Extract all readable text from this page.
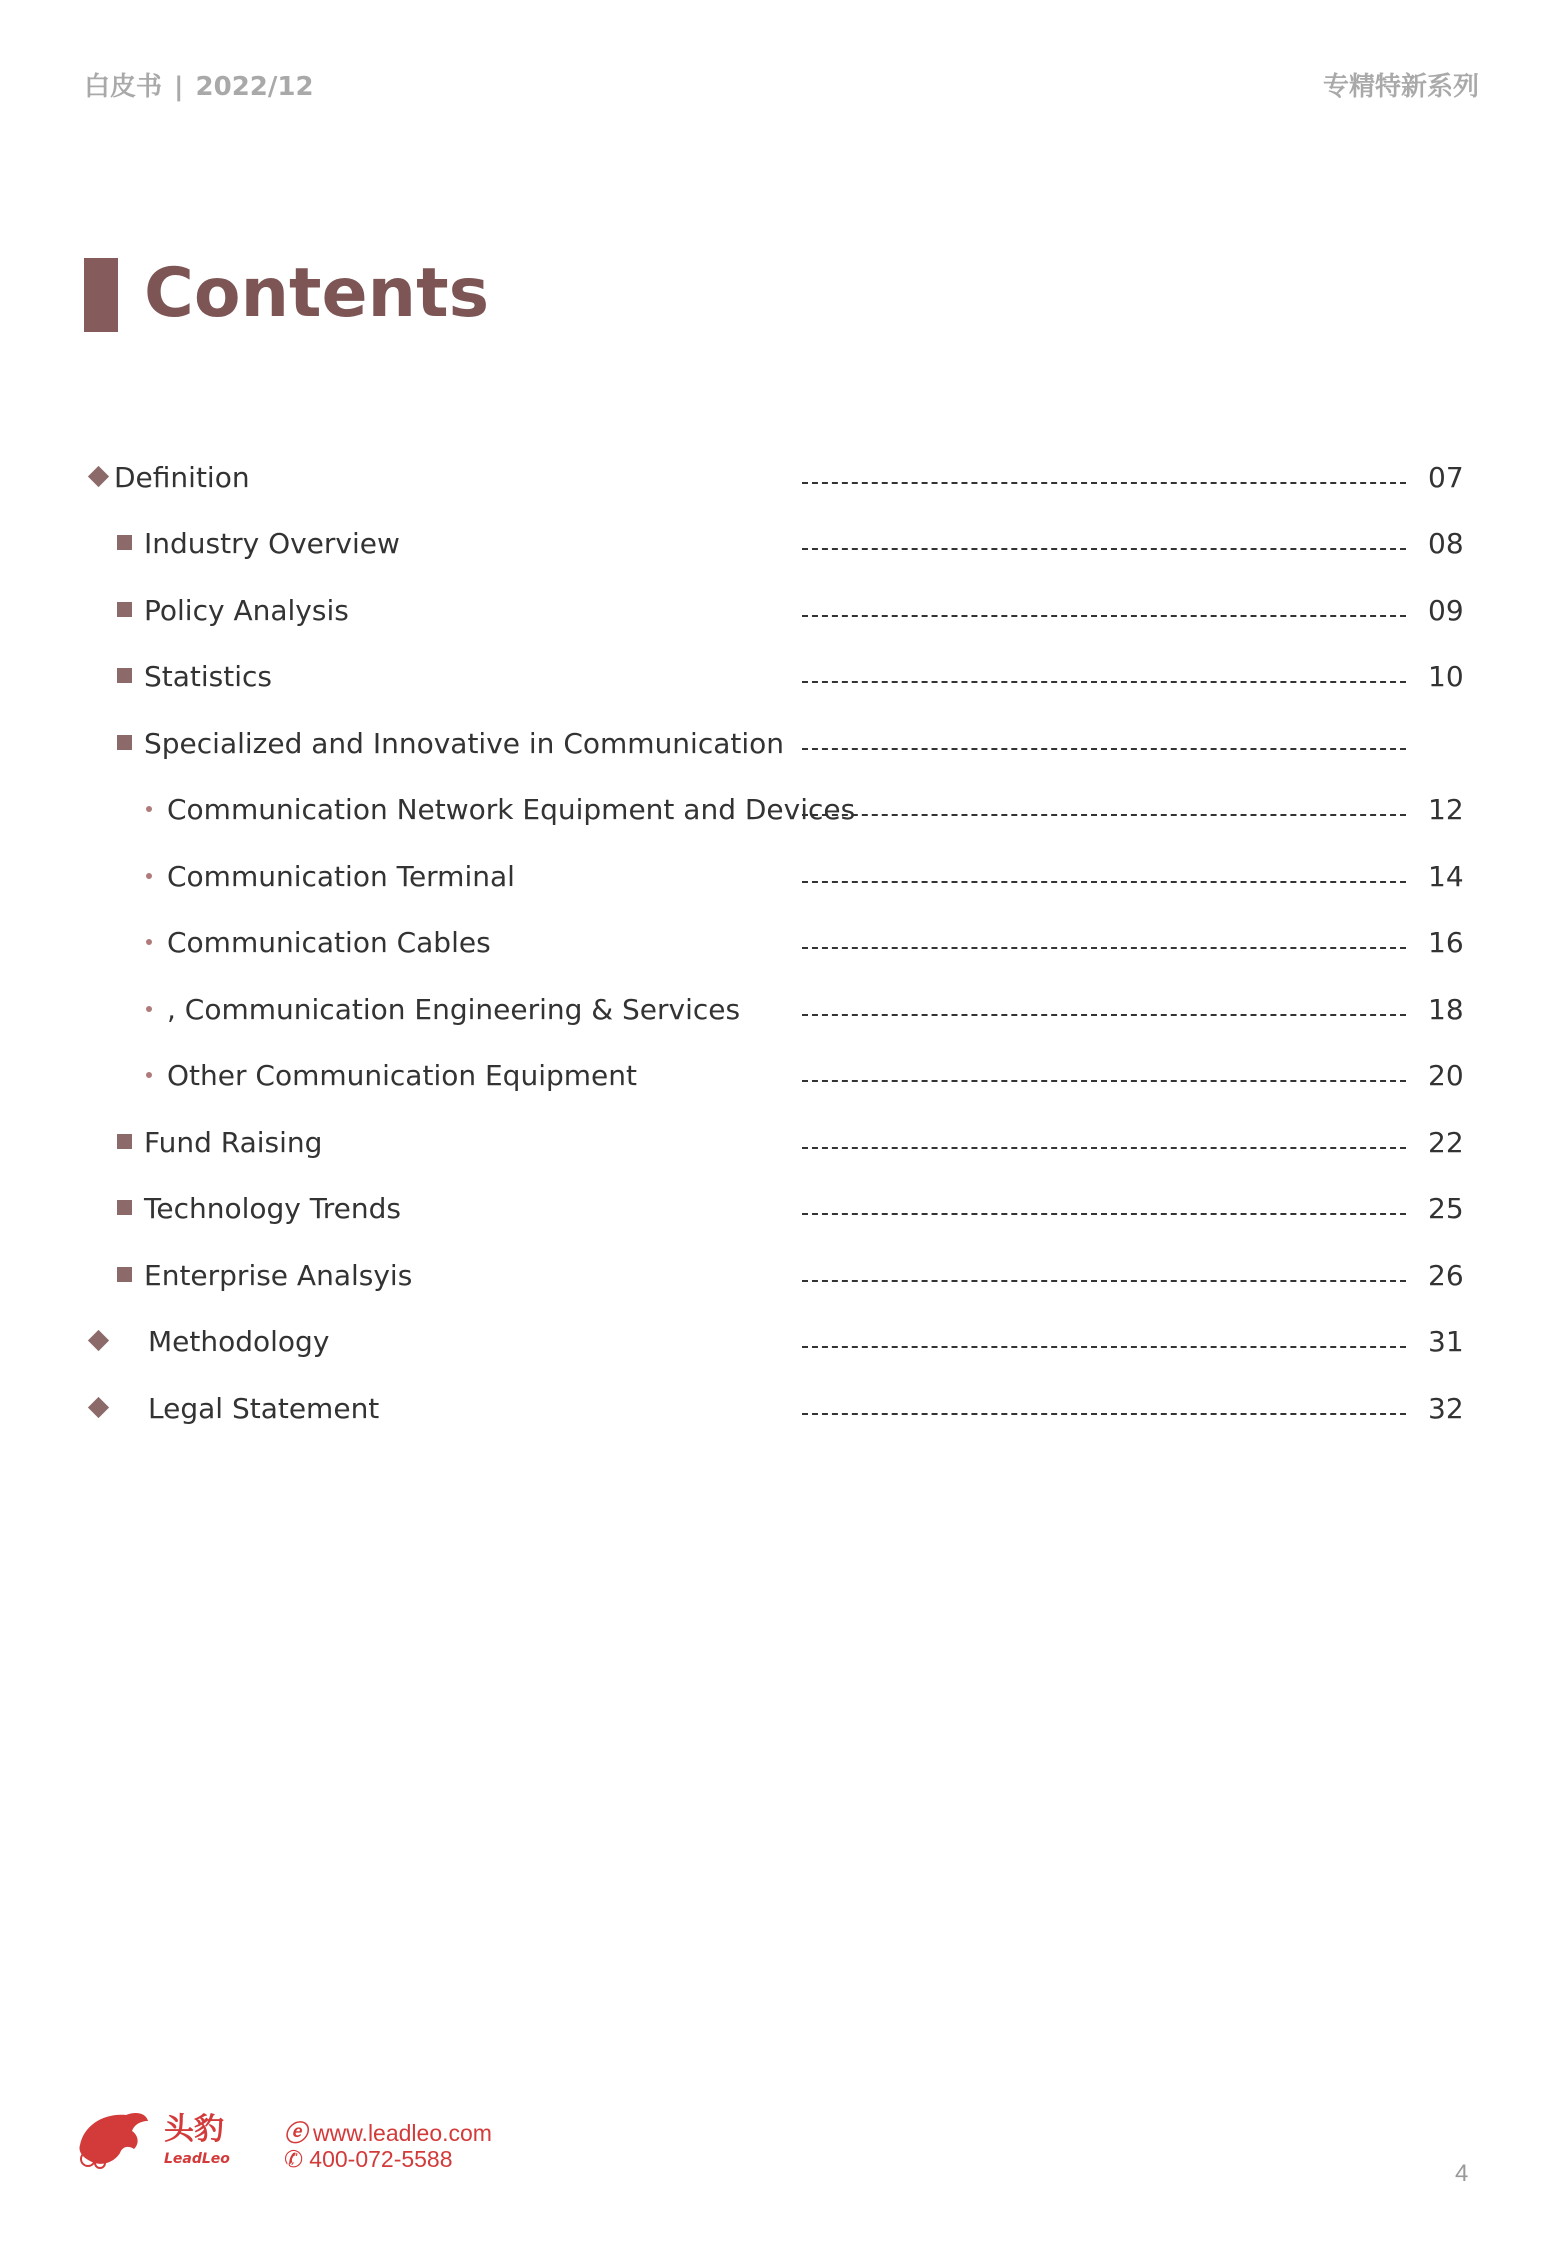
白皮书 | 2022/12	专精特新系列
Contents
Definition	07
Industry Overview	08
Policy Analysis	09
Statistics	10
Specialized and Innovative in Communication
Communication Network Equipment and Devices	12
Communication Terminal	14
Communication Cables	16
, Communication Engineering & Services	18
Other Communication Equipment	20
Fund Raising	22
Technology Trends	25
Enterprise Analsyis	26
Methodology	31
Legal Statement	32
头豹
LeadLeo
ⓔ www.leadleo.com
✆ 400-072-5588
4
